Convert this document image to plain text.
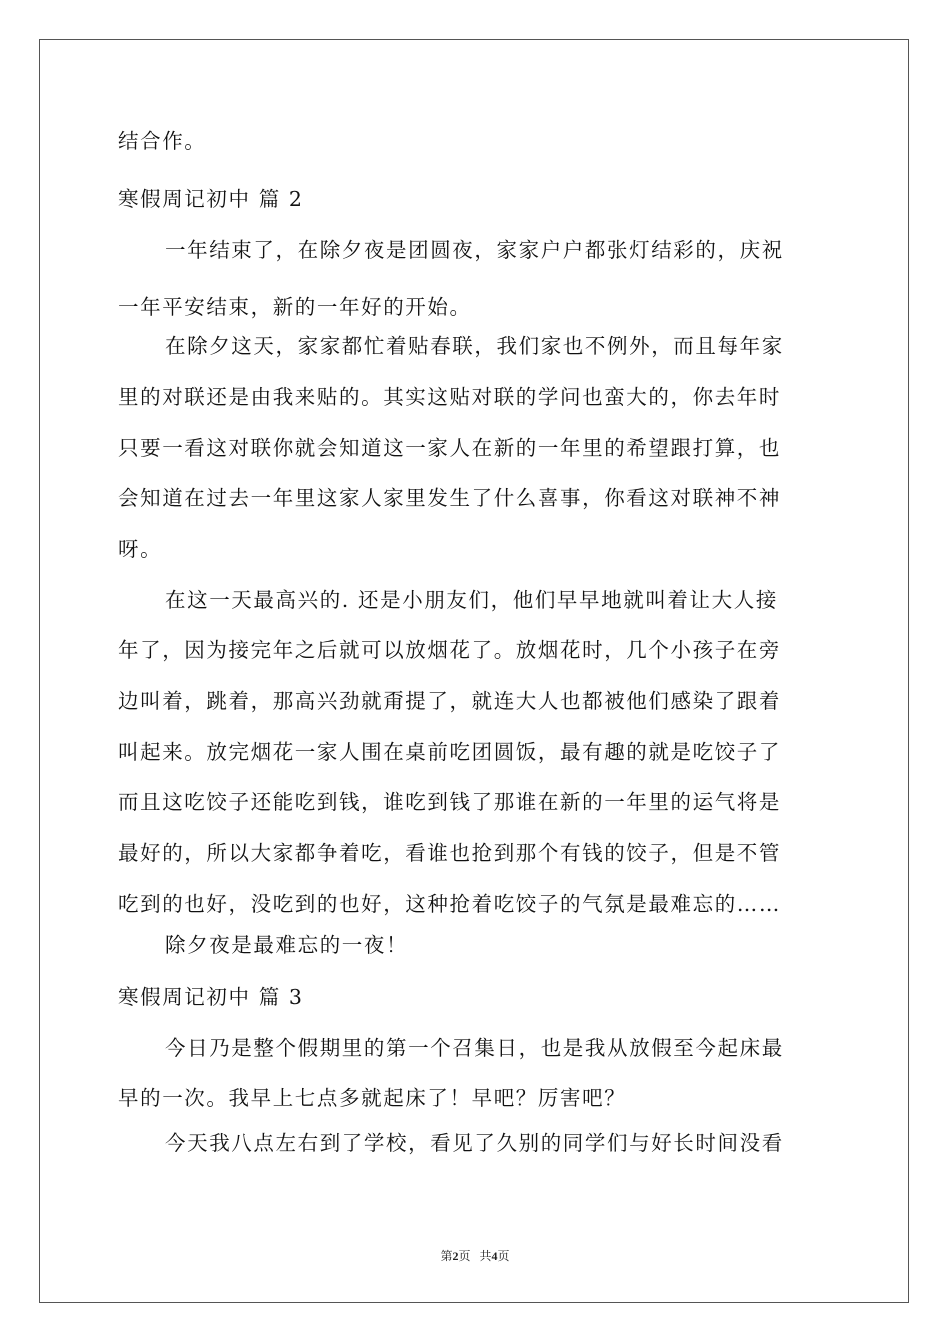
结合作。
寒假周记初中 篇 2
一年结束了，在除夕夜是团圆夜，家家户户都张灯结彩的，庆祝
一年平安结束，新的一年好的开始。
在除夕这天，家家都忙着贴春联，我们家也不例外，而且每年家
里的对联还是由我来贴的。其实这贴对联的学问也蛮大的，你去年时
只要一看这对联你就会知道这一家人在新的一年里的希望跟打算，也
会知道在过去一年里这家人家里发生了什么喜事，你看这对联神不神
呀。
在这一天最高兴的. 还是小朋友们，他们早早地就叫着让大人接
年了，因为接完年之后就可以放烟花了。放烟花时，几个小孩子在旁
边叫着，跳着，那高兴劲就甭提了，就连大人也都被他们感染了跟着
叫起来。放完烟花一家人围在桌前吃团圆饭，最有趣的就是吃饺子了
而且这吃饺子还能吃到钱，谁吃到钱了那谁在新的一年里的运气将是
最好的，所以大家都争着吃，看谁也抢到那个有钱的饺子，但是不管
吃到的也好，没吃到的也好，这种抢着吃饺子的气氛是最难忘的……
除夕夜是最难忘的一夜！
寒假周记初中 篇 3
今日乃是整个假期里的第一个召集日，也是我从放假至今起床最
早的一次。我早上七点多就起床了！早吧？厉害吧？
今天我八点左右到了学校，看见了久别的同学们与好长时间没看
第2页 共4页
